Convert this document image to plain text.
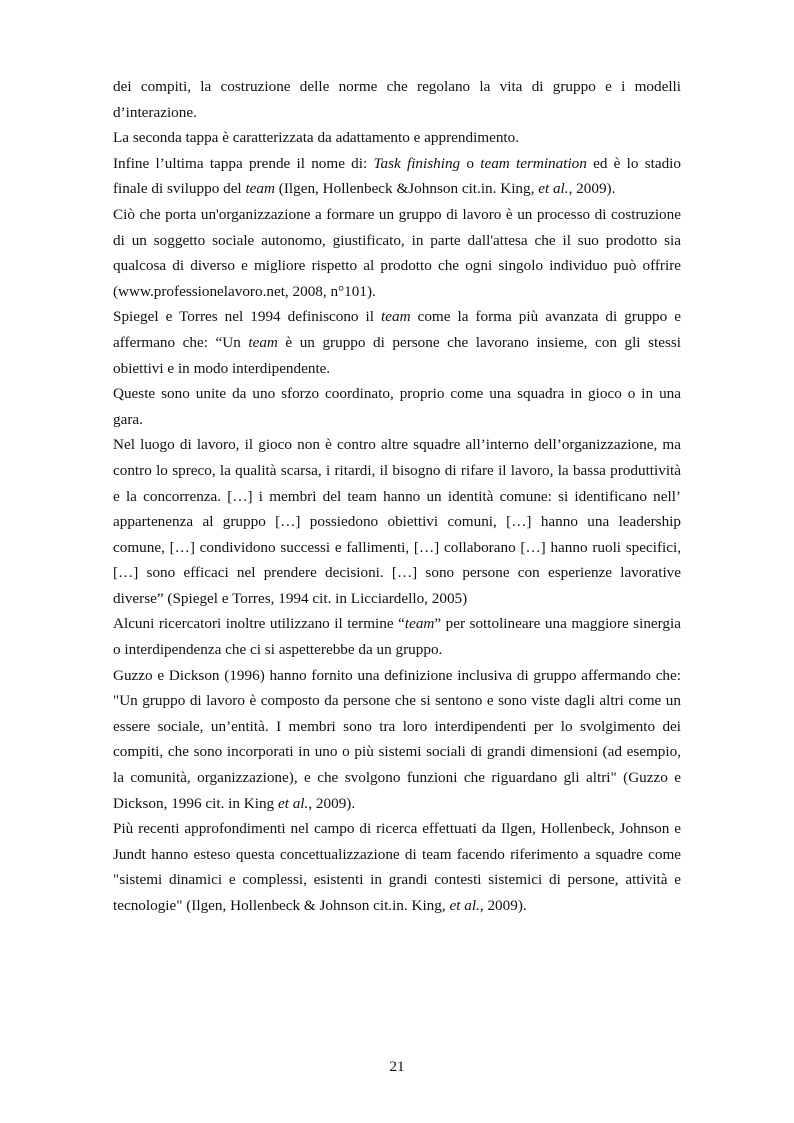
dei compiti, la costruzione delle norme che regolano la vita di gruppo e i modelli d’interazione.

La seconda tappa è caratterizzata da adattamento e apprendimento.

Infine l’ultima tappa prende il nome di: Task finishing o team termination ed è lo stadio finale di sviluppo del team (Ilgen, Hollenbeck &Johnson cit.in. King, et al., 2009).

Ciò che porta un'organizzazione a formare un gruppo di lavoro è un processo di costruzione di un soggetto sociale autonomo, giustificato, in parte dall'attesa che il suo prodotto sia qualcosa di diverso e migliore rispetto al prodotto che ogni singolo individuo può offrire (www.professionelavoro.net, 2008, n°101).

Spiegel e Torres nel 1994 definiscono il team come la forma più avanzata di gruppo e affermano che: “Un team è un gruppo di persone che lavorano insieme, con gli stessi obiettivi e in modo interdipendente.

Queste sono unite da uno sforzo coordinato, proprio come una squadra in gioco o in una gara.

Nel luogo di lavoro, il gioco non è contro altre squadre all’interno dell’organizzazione, ma contro lo spreco, la qualità scarsa, i ritardi, il bisogno di rifare il lavoro, la bassa produttività e la concorrenza. […] i membri del team hanno un identità comune: si identificano nell’ appartenenza al gruppo […] possiedono obiettivi comuni, […] hanno una leadership comune, […] condividono successi e fallimenti, […] collaborano […] hanno ruoli specifici, […] sono efficaci nel prendere decisioni. […] sono persone con esperienze lavorative diverse” (Spiegel e Torres, 1994 cit. in Licciardello, 2005)

Alcuni ricercatori inoltre utilizzano il termine “team” per sottolineare una maggiore sinergia o interdipendenza che ci si aspetterebbe da un gruppo.

Guzzo e Dickson (1996) hanno fornito una definizione inclusiva di gruppo affermando che: "Un gruppo di lavoro è composto da persone che si sentono e sono viste dagli altri come un essere sociale, un’entità. I membri sono tra loro interdipendenti per lo svolgimento dei compiti, che sono incorporati in uno o più sistemi sociali di grandi dimensioni (ad esempio, la comunità, organizzazione), e che svolgono funzioni che riguardano gli altri" (Guzzo e Dickson, 1996 cit. in King et al., 2009).

Più recenti approfondimenti nel campo di ricerca effettuati da Ilgen, Hollenbeck, Johnson e Jundt hanno esteso questa concettualizzazione di team facendo riferimento a squadre come "sistemi dinamici e complessi, esistenti in grandi contesti sistemici di persone, attività e tecnologie" (Ilgen, Hollenbeck & Johnson cit.in. King, et al., 2009).

21
